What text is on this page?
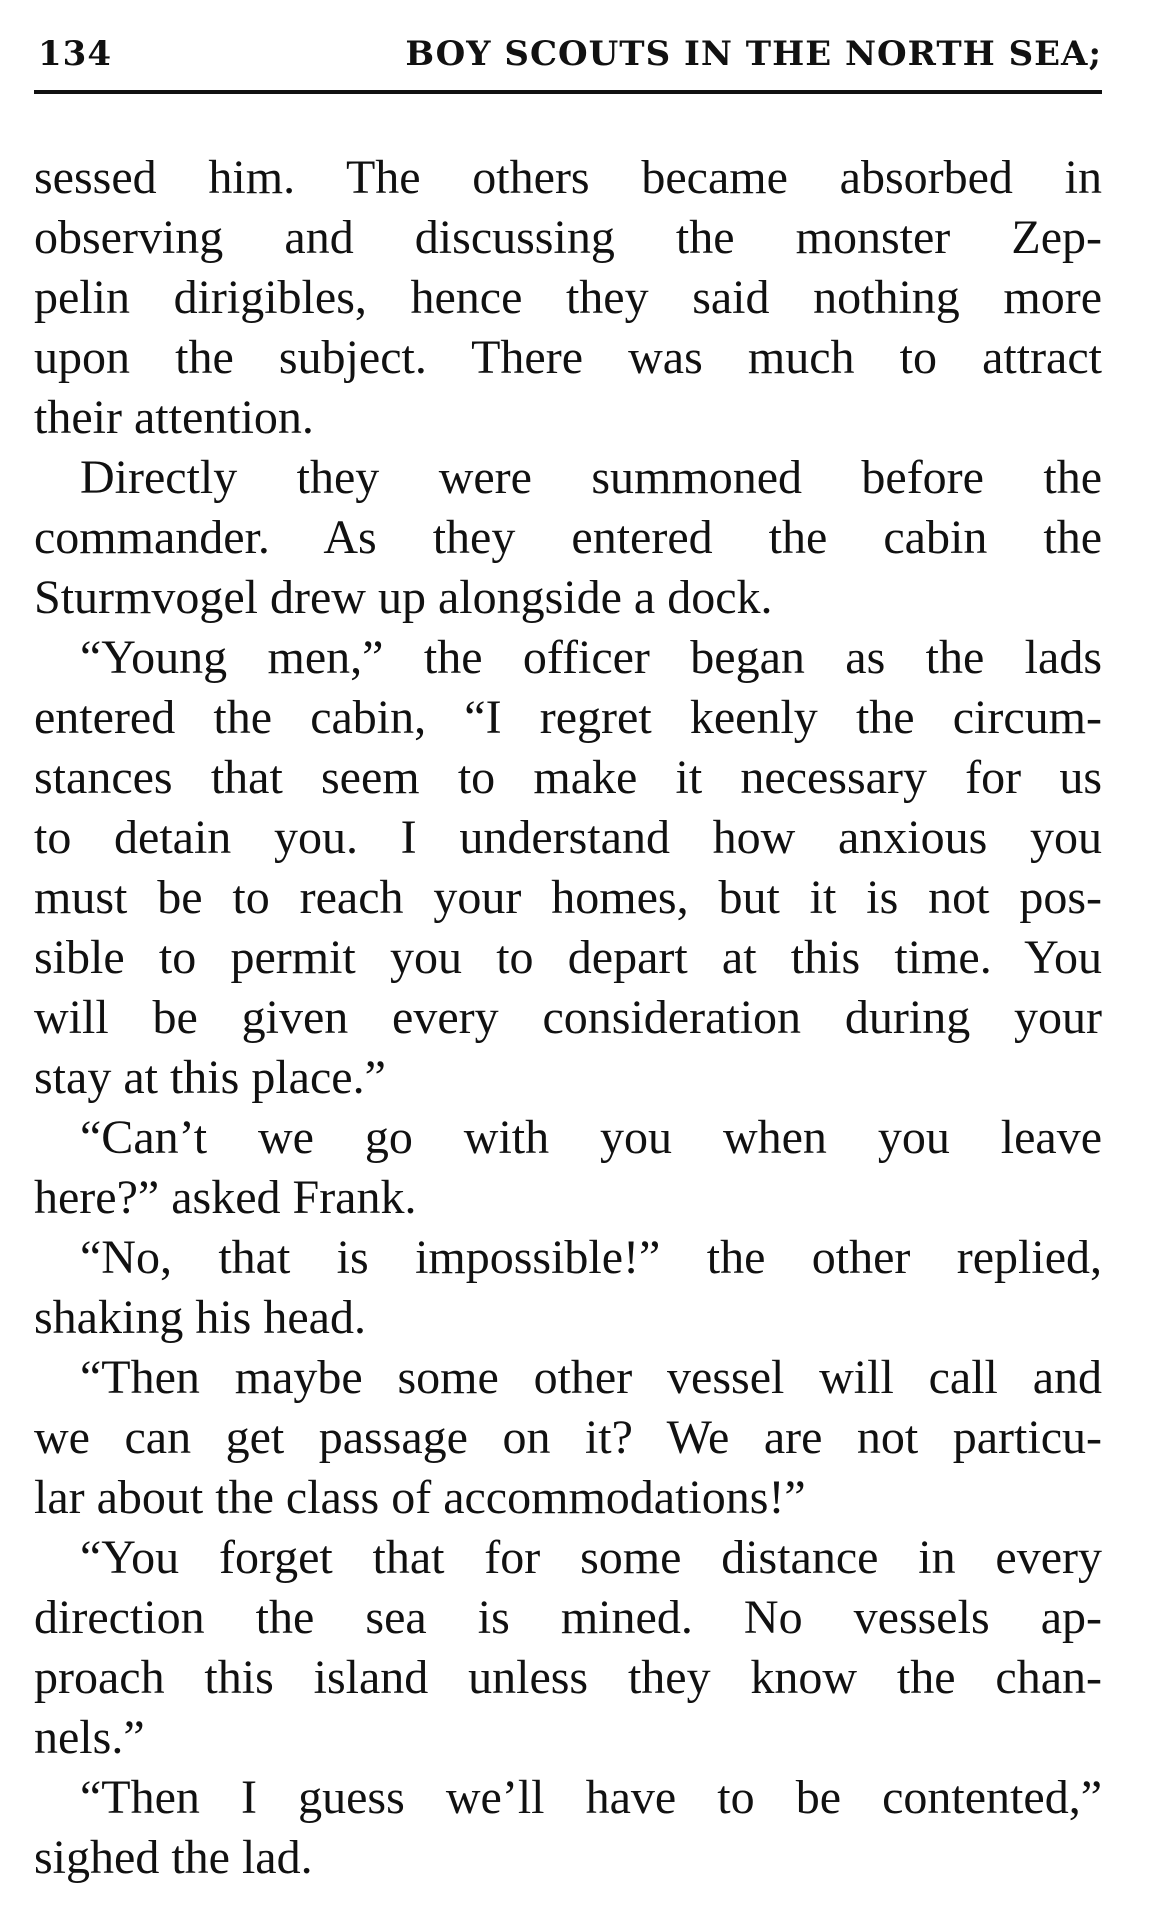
134	BOY SCOUTS IN THE NORTH SEA;
sessed him. The others became absorbed in
observing and discussing the monster Zep-
pelin dirigibles, hence they said nothing more
upon the subject. There was much to attract
their attention.
Directly they were summoned before the
commander. As they entered the cabin the
Sturmvogel drew up alongside a dock.
“Young men,” the officer began as the lads
entered the cabin, “I regret keenly the circum-
stances that seem to make it necessary for us
to detain you. I understand how anxious you
must be to reach your homes, but it is not pos-
sible to permit you to depart at this time. You
will be given every consideration during your
stay at this place.”
“Can’t we go with you when you leave
here?” asked Frank.
“No, that is impossible!” the other replied,
shaking his head.
“Then maybe some other vessel will call and
we can get passage on it? We are not particu-
lar about the class of accommodations!”
“You forget that for some distance in every
direction the sea is mined. No vessels ap-
proach this island unless they know the chan-
nels.”
“Then I guess we’ll have to be contented,”
sighed the lad.
